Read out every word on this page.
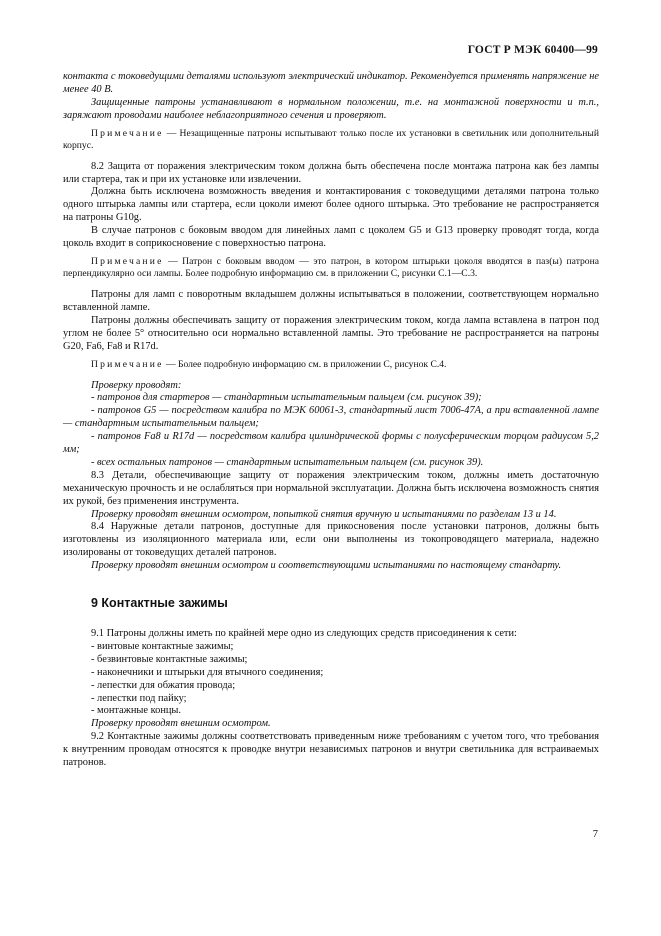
ГОСТ Р МЭК 60400—99

контакта с токоведущими деталями используют электрический индикатор. Рекомендуется применять напряжение не менее 40 В.

Защищенные патроны устанавливают в нормальном положении, т.е. на монтажной поверхности и т.п., заряжают проводами наиболее неблагоприятного сечения и проверяют.

Примечание — Незащищенные патроны испытывают только после их установки в светильник или дополнительный корпус.

8.2 Защита от поражения электрическим током должна быть обеспечена после монтажа патрона как без лампы или стартера, так и при их установке или извлечении.

Должна быть исключена возможность введения и контактирования с токоведущими деталями патрона только одного штырька лампы или стартера, если цоколи имеют более одного штырька. Это требование не распространяется на патроны G10g.

В случае патронов с боковым вводом для линейных ламп с цоколем G5 и G13 проверку проводят тогда, когда цоколь входит в соприкосновение с поверхностью патрона.

Примечание — Патрон с боковым вводом — это патрон, в котором штырьки цоколя вводятся в паз(ы) патрона перпендикулярно оси лампы. Более подробную информацию см. в приложении С, рисунки С.1—С.3.

Патроны для ламп с поворотным вкладышем должны испытываться в положении, соответствующем нормально вставленной лампе.

Патроны должны обеспечивать защиту от поражения электрическим током, когда лампа вставлена в патрон под углом не более 5° относительно оси нормально вставленной лампы. Это требование не распространяется на патроны G20, Fa6, Fa8 и R17d.

Примечание — Более подробную информацию см. в приложении С, рисунок С.4.

Проверку проводят:

- патронов для стартеров — стандартным испытательным пальцем (см. рисунок 39);

- патронов G5 — посредством калибра по МЭК 60061-3, стандартный лист 7006-47А, а при вставленной лампе — стандартным испытательным пальцем;

- патронов Fa8 и R17d — посредством калибра цилиндрической формы с полусферическим торцом радиусом 5,2 мм;

- всех остальных патронов — стандартным испытательным пальцем (см. рисунок 39).

8.3 Детали, обеспечивающие защиту от поражения электрическим током, должны иметь достаточную механическую прочность и не ослабляться при нормальной эксплуатации. Должна быть исключена возможность снятия их рукой, без применения инструмента.

Проверку проводят внешним осмотром, попыткой снятия вручную и испытаниями по разделам 13 и 14.

8.4 Наружные детали патронов, доступные для прикосновения после установки патронов, должны быть изготовлены из изоляционного материала или, если они выполнены из токопроводящего материала, надежно изолированы от токоведущих деталей патронов.

Проверку проводят внешним осмотром и соответствующими испытаниями по настоящему стандарту.

9 Контактные зажимы

9.1 Патроны должны иметь по крайней мере одно из следующих средств присоединения к сети:

- винтовые контактные зажимы;

- безвинтовые контактные зажимы;

- наконечники и штырьки для втычного соединения;

- лепестки для обжатия провода;

- лепестки под пайку;

- монтажные концы.

Проверку проводят внешним осмотром.

9.2 Контактные зажимы должны соответствовать приведенным ниже требованиям с учетом того, что требования к внутренним проводам относятся к проводке внутри независимых патронов и внутри светильника для встраиваемых патронов.

7
